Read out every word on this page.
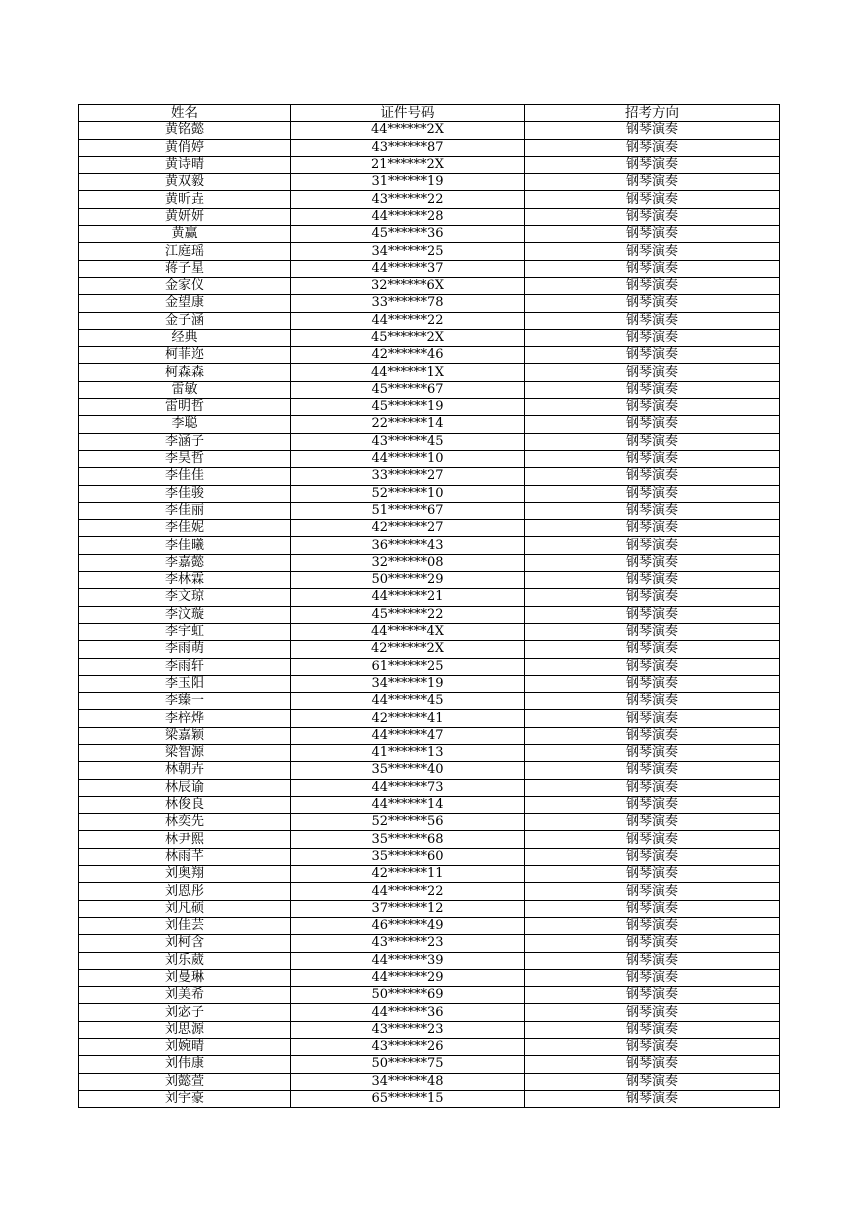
姓名	证件号码	招考方向
黄铭懿	44******2X	钢琴演奏
黄俏婷	43******87	钢琴演奏
黄诗晴	21******2X	钢琴演奏
黄双毅	31******19	钢琴演奏
黄昕垚	43******22	钢琴演奏
黄妍妍	44******28	钢琴演奏
黄赢	45******36	钢琴演奏
江庭瑶	34******25	钢琴演奏
蒋子星	44******37	钢琴演奏
金家仪	32******6X	钢琴演奏
金望康	33******78	钢琴演奏
金子涵	44******22	钢琴演奏
经典	45******2X	钢琴演奏
柯菲迩	42******46	钢琴演奏
柯森森	44******1X	钢琴演奏
雷敏	45******67	钢琴演奏
雷明哲	45******19	钢琴演奏
李聪	22******14	钢琴演奏
李涵子	43******45	钢琴演奏
李昊哲	44******10	钢琴演奏
李佳佳	33******27	钢琴演奏
李佳骏	52******10	钢琴演奏
李佳丽	51******67	钢琴演奏
李佳妮	42******27	钢琴演奏
李佳曦	36******43	钢琴演奏
李嘉懿	32******08	钢琴演奏
李林霖	50******29	钢琴演奏
李文琼	44******21	钢琴演奏
李汶璇	45******22	钢琴演奏
李宇虹	44******4X	钢琴演奏
李雨萌	42******2X	钢琴演奏
李雨轩	61******25	钢琴演奏
李玉阳	34******19	钢琴演奏
李臻一	44******45	钢琴演奏
李梓烨	42******41	钢琴演奏
梁嘉颖	44******47	钢琴演奏
梁智源	41******13	钢琴演奏
林朝卉	35******40	钢琴演奏
林辰谕	44******73	钢琴演奏
林俊良	44******14	钢琴演奏
林奕先	52******56	钢琴演奏
林尹熙	35******68	钢琴演奏
林雨芊	35******60	钢琴演奏
刘奥翔	42******11	钢琴演奏
刘恩彤	44******22	钢琴演奏
刘凡硕	37******12	钢琴演奏
刘佳芸	46******49	钢琴演奏
刘柯含	43******23	钢琴演奏
刘乐葳	44******39	钢琴演奏
刘曼琳	44******29	钢琴演奏
刘美希	50******69	钢琴演奏
刘宓子	44******36	钢琴演奏
刘思源	43******23	钢琴演奏
刘婉晴	43******26	钢琴演奏
刘伟康	50******75	钢琴演奏
刘懿萱	34******48	钢琴演奏
刘宇豪	65******15	钢琴演奏
